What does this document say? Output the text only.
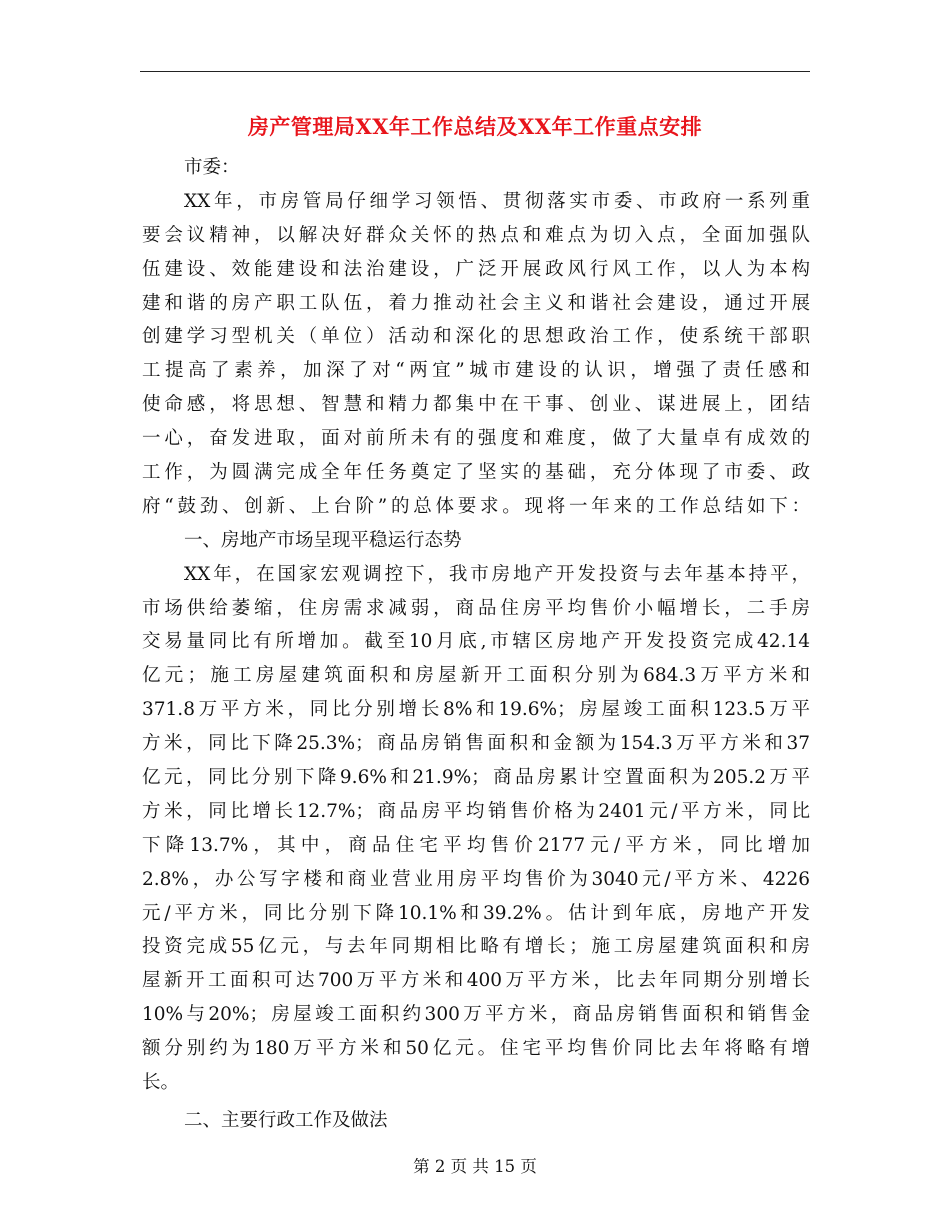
房产管理局XX年工作总结及XX年工作重点安排
市委：
XX年，市房管局仔细学习领悟、贯彻落实市委、市政府一系列重
要会议精神，以解决好群众关怀的热点和难点为切入点，全面加强队
伍建设、效能建设和法治建设，广泛开展政风行风工作，以人为本构
建和谐的房产职工队伍，着力推动社会主义和谐社会建设，通过开展
创建学习型机关（单位）活动和深化的思想政治工作，使系统干部职
工提高了素养，加深了对“两宜”城市建设的认识，增强了责任感和
使命感，将思想、智慧和精力都集中在干事、创业、谋进展上，团结
一心，奋发进取，面对前所未有的强度和难度，做了大量卓有成效的
工作，为圆满完成全年任务奠定了坚实的基础，充分体现了市委、政
府“鼓劲、创新、上台阶”的总体要求。现将一年来的工作总结如下：
一、房地产市场呈现平稳运行态势
XX年，在国家宏观调控下，我市房地产开发投资与去年基本持平，
市场供给萎缩，住房需求减弱，商品住房平均售价小幅增长，二手房
交易量同比有所增加。截至10月底,市辖区房地产开发投资完成42.14
亿元；施工房屋建筑面积和房屋新开工面积分别为684.3万平方米和
371.8万平方米，同比分别增长8%和19.6%；房屋竣工面积123.5万平
方米，同比下降25.3%；商品房销售面积和金额为154.3万平方米和37
亿元，同比分别下降9.6%和21.9%；商品房累计空置面积为205.2万平
方米，同比增长12.7%；商品房平均销售价格为2401元/平方米，同比
下降13.7%，其中，商品住宅平均售价2177元/平方米，同比增加
2.8%，办公写字楼和商业营业用房平均售价为3040元/平方米、4226
元/平方米，同比分别下降10.1%和39.2%。估计到年底，房地产开发
投资完成55亿元，与去年同期相比略有增长；施工房屋建筑面积和房
屋新开工面积可达700万平方米和400万平方米，比去年同期分别增长
10%与20%；房屋竣工面积约300万平方米，商品房销售面积和销售金
额分别约为180万平方米和50亿元。住宅平均售价同比去年将略有增
长。
二、主要行政工作及做法
第 2 页 共 15 页
